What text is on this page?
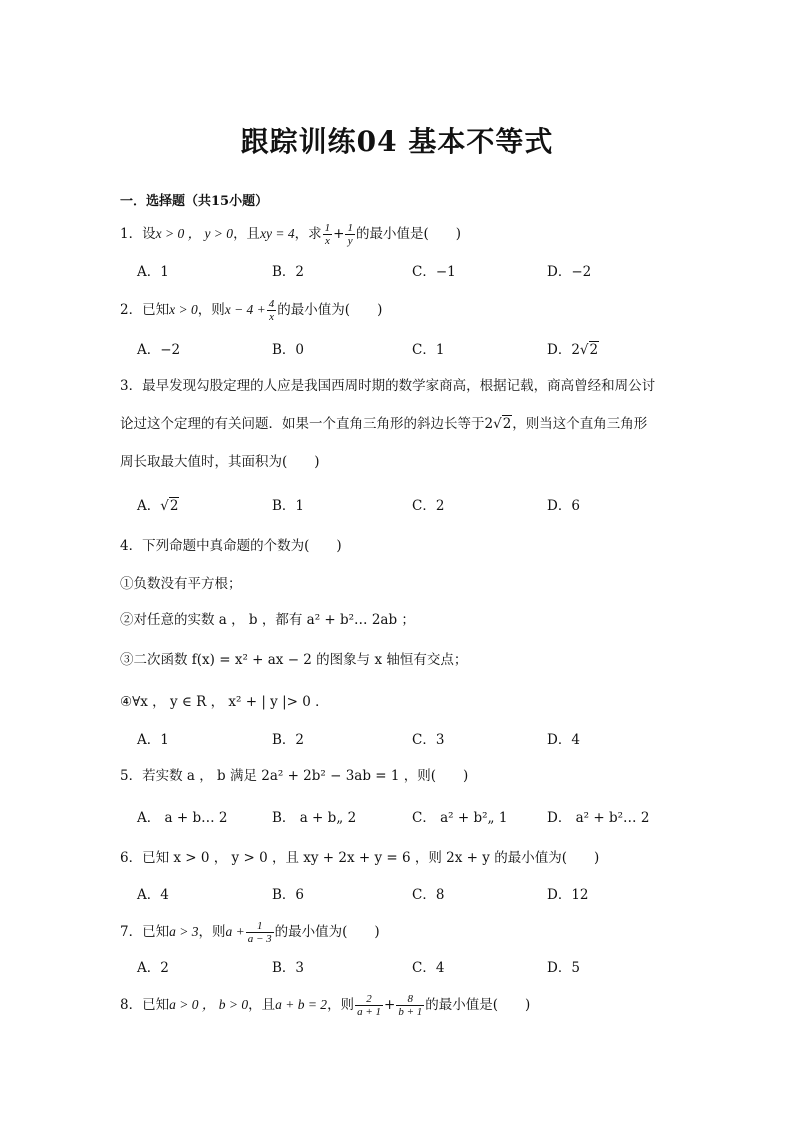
跟踪训练04 基本不等式
一．选择题（共15小题）
1．设x > 0 ， y > 0，且xy = 4，求 $\frac{1}{x} + \frac{1}{y}$ 的最小值是(　　)
A．1	B．2	C．−1	D．−2
2．已知x > 0，则$x - 4 + \frac{4}{x}$ 的最小值为(　　)
A．−2	B．0	C．1	D．2√2
3．最早发现勾股定理的人应是我国西周时期的数学家商高，根据记载，商高曾经和周公讨
论过这个定理的有关问题．如果一个直角三角形的斜边长等于2√2，则当这个直角三角形
周长取最大值时，其面积为(　　)
A．√2	B．1	C．2	D．6
4．下列命题中真命题的个数为(　　)
①负数没有平方根；
②对任意的实数 a ， b ，都有 a² + b²… 2ab ；
③二次函数 f(x) = x² + ax − 2 的图象与 x 轴恒有交点；
④∀x ， y ∈ R ， x² + | y |> 0 ．
A．1	B．2	C．3	D．4
5．若实数 a ， b 满足 2a² + 2b² − 3ab = 1 ，则(　　)
A． a + b… 2	B． a + b„ 2	C． a² + b²„ 1	D． a² + b²… 2
6．已知 x > 0 ， y > 0 ，且 xy + 2x + y = 6 ，则 2x + y 的最小值为(　　)
A．4	B．6	C．8	D．12
7．已知a > 3，则$a + \frac{1}{a - 3}$ 的最小值为(　　)
A．2	B．3	C．4	D．5
8．已知a > 0 ， b > 0，且a + b = 2，则 $\frac{2}{a + 1} + \frac{8}{b + 1}$ 的最小值是(　　)
